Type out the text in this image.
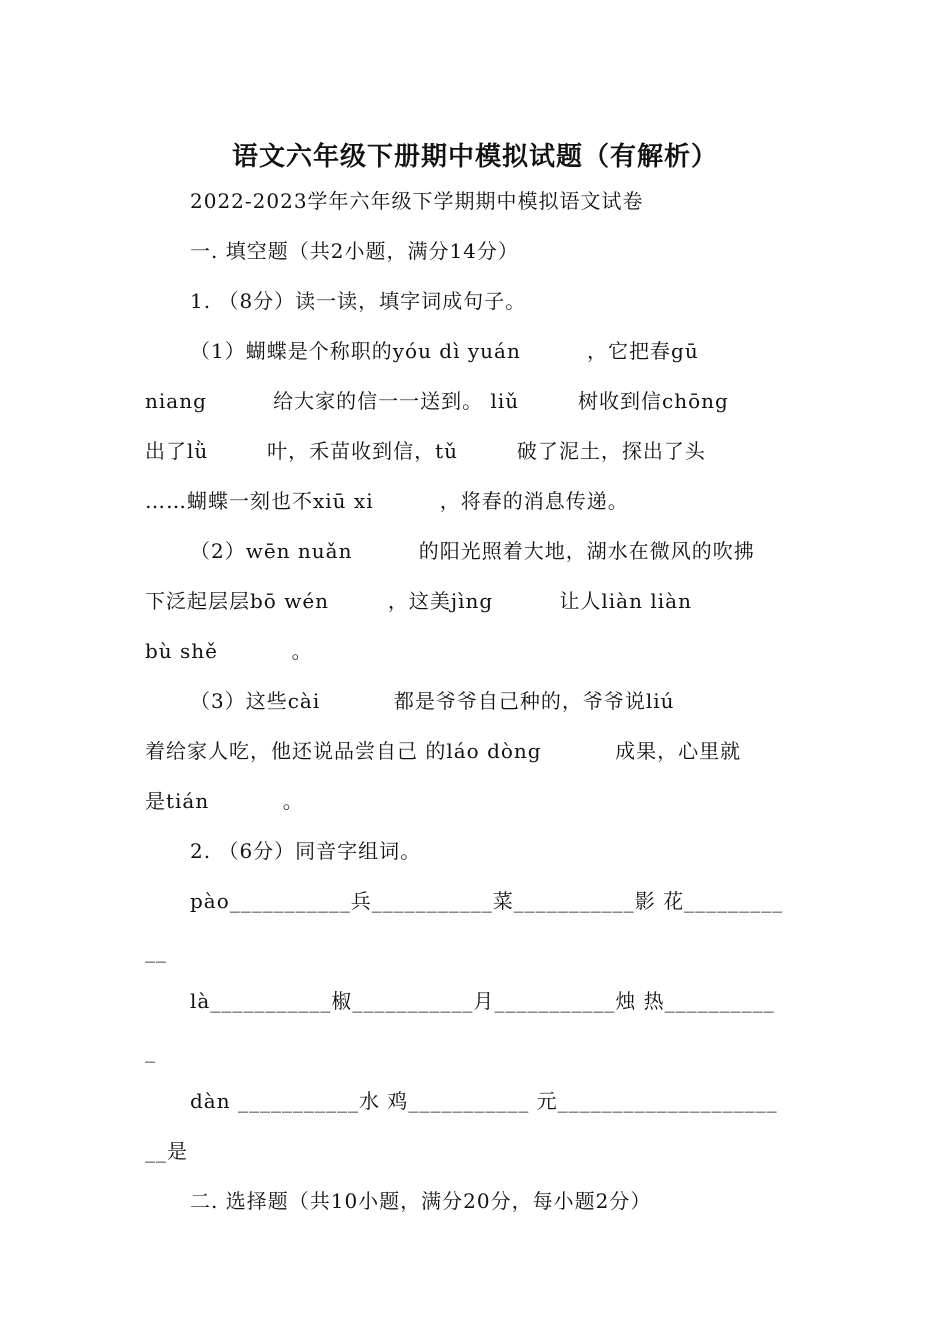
语文六年级下册期中模拟试题（有解析）
2022-2023学年六年级下学期期中模拟语文试卷
一. 填空题（共2小题，满分14分）
1. （8分）读一读，填字词成句子。
（1）蝴蝶是个称职的yóu dì yuán         ，它把春gū
niang         给大家的信一一送到。 liǔ        树收到信chōng
出了lǜ        叶，禾苗收到信，tǔ        破了泥土，探出了头
……蝴蝶一刻也不xiū xi         ，将春的消息传递。
（2）wēn nuǎn         的阳光照着大地，湖水在微风的吹拂
下泛起层层bō wén        ，这美jìng         让人liàn liàn
bù shě          。
（3）这些cài          都是爷爷自己种的，爷爷说liú
着给家人吃，他还说品尝自己 的láo dòng          成果，心里就
是tián          。
2. （6分）同音字组词。
pào___________兵___________菜___________影 花_________
__
là___________椒___________月___________烛 热__________
_
dàn ___________水 鸡___________ 元____________________
__是
二. 选择题（共10小题，满分20分，每小题2分）
